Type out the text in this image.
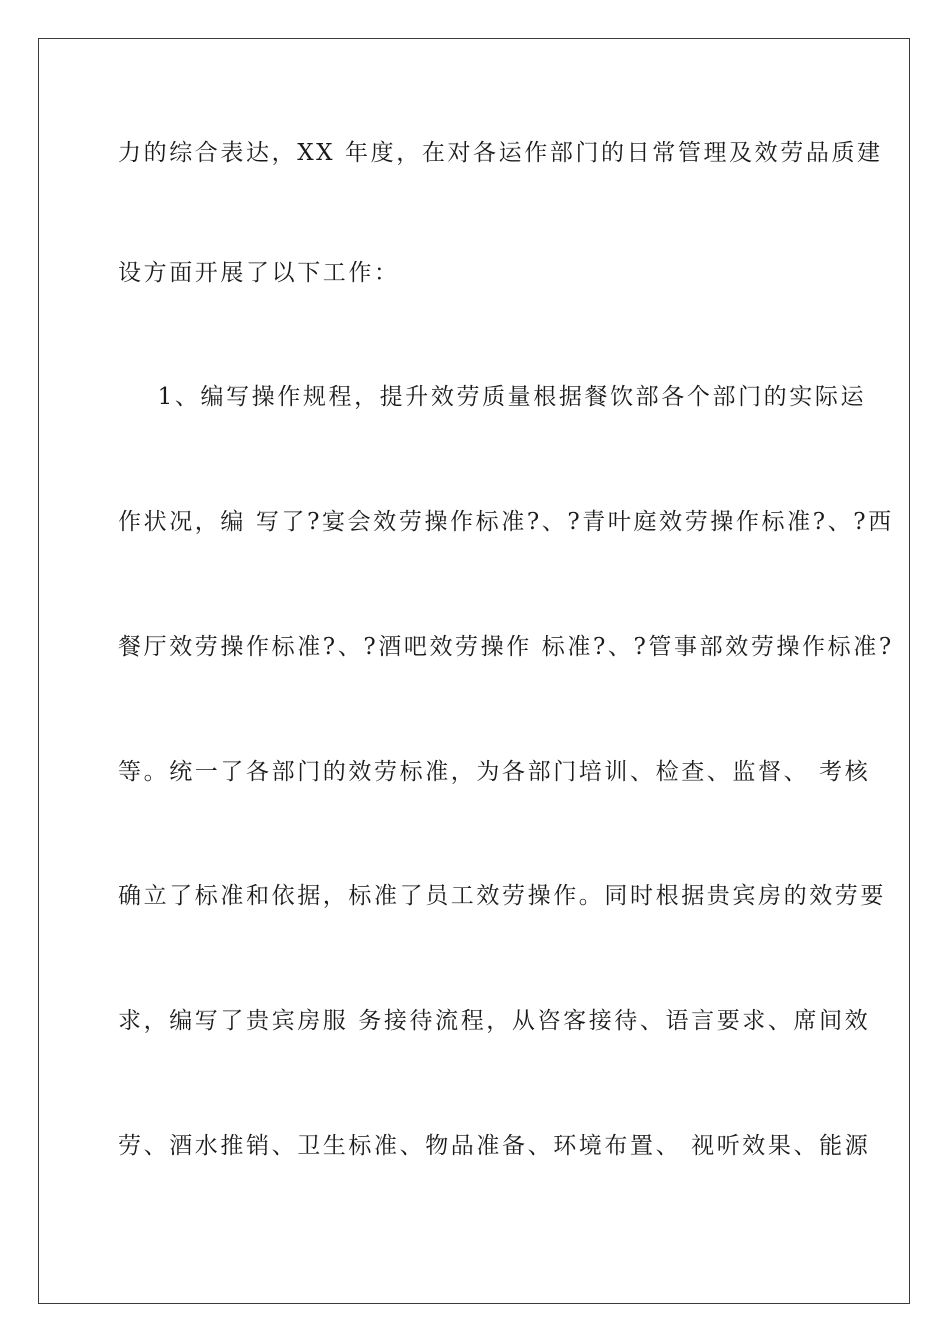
力的综合表达，XX 年度，在对各运作部门的日常管理及效劳品质建
设方面开展了以下工作：
1、编写操作规程，提升效劳质量根据餐饮部各个部门的实际运
作状况，编 写了?宴会效劳操作标准?、?青叶庭效劳操作标准?、?西
餐厅效劳操作标准?、?酒吧效劳操作 标准?、?管事部效劳操作标准?
等。统一了各部门的效劳标准，为各部门培训、检查、监督、 考核
确立了标准和依据，标准了员工效劳操作。同时根据贵宾房的效劳要
求，编写了贵宾房服 务接待流程，从咨客接待、语言要求、席间效
劳、酒水推销、卫生标准、物品准备、环境布置、 视听效果、能源
